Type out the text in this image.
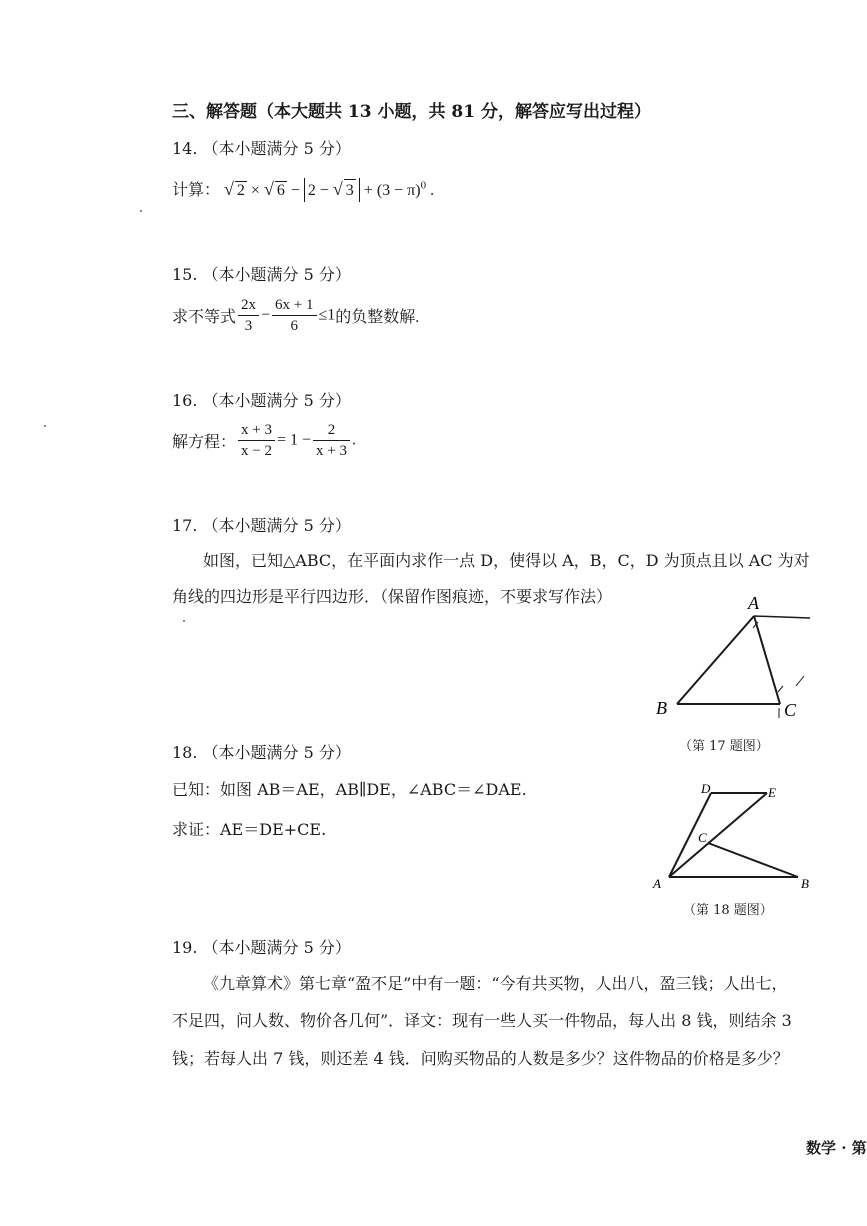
三、解答题（本大题共 13 小题，共 81 分，解答应写出过程）
14. （本小题满分 5 分）
计算： √ 2 × √ 6 − 2 − √ $3 + (3 - \pi)^0$ .
15. （本小题满分 5 分）
求不等式 $\frac{2x}{3} - \frac{6x + 1}{6} \le 1$的负整数解.
16. （本小题满分 5 分）
解方程： $\frac{x + 3}{x - 2} = 1 - \frac{2}{x + 3}$ .
17. （本小题满分 5 分）
如图，已知△ABC，在平面内求作一点 D，使得以 A，B，C，D 为顶点且以 AC 为对
角线的四边形是平行四边形．（保留作图痕迹，不要求写作法）	A
B	C
（第 17 题图）
18. （本小题满分 5 分）
已知：如图 AB＝AE，AB∥DE，∠ABC＝∠DAE.
求证：AE＝DE+CE.
D	E
C
A	B
（第 18 题图）
19. （本小题满分 5 分）
《九章算术》第七章“盈不足”中有一题：“今有共买物，人出八，盈三钱；人出七，
不足四，问人数、物价各几何”．译文：现有一些人买一件物品，每人出 8 钱，则结余 3
钱；若每人出 7 钱，则还差 4 钱．问购买物品的人数是多少？这件物品的价格是多少？
数学 · 第
